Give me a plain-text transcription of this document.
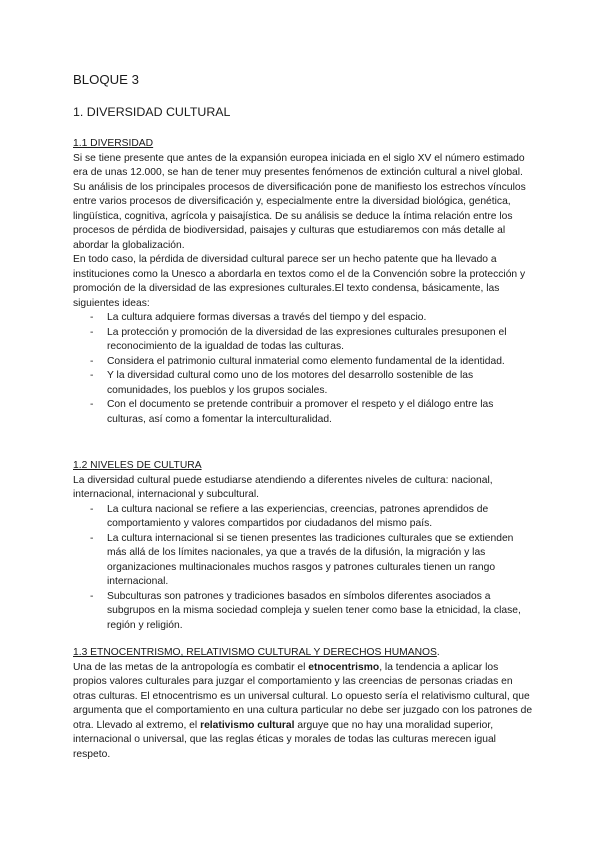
BLOQUE 3
1. DIVERSIDAD CULTURAL
1.1 DIVERSIDAD

Si se tiene presente que antes de la expansión europea iniciada en el siglo XV el número estimado era de unas 12.000, se han de tener muy presentes fenómenos de extinción cultural a nivel global. Su análisis de los principales procesos de diversificación pone de manifiesto los estrechos vínculos entre varios procesos de diversificación y, especialmente entre la diversidad biológica, genética, lingüística, cognitiva, agrícola y paisajística. De su análisis se deduce la íntima relación entre los procesos de pérdida de biodiversidad, paisajes y culturas que estudiaremos con más detalle al abordar la globalización.

En todo caso, la pérdida de diversidad cultural parece ser un hecho patente que ha llevado a instituciones como la Unesco a abordarla en textos como el de la Convención sobre la protección y promoción de la diversidad de las expresiones culturales.El texto condensa, básicamente, las siguientes ideas:

- La cultura adquiere formas diversas a través del tiempo y del espacio.
- La protección y promoción de la diversidad de las expresiones culturales presuponen el reconocimiento de la igualdad de todas las culturas.
- Considera el patrimonio cultural inmaterial como elemento fundamental de la identidad.
- Y la diversidad cultural como uno de los motores del desarrollo sostenible de las comunidades, los pueblos y los grupos sociales.
- Con el documento se pretende contribuir a promover el respeto y el diálogo entre las culturas, así como a fomentar la interculturalidad.
1.2 NIVELES DE CULTURA

La diversidad cultural puede estudiarse atendiendo a diferentes niveles de cultura: nacional, internacional, internacional y subcultural.

- La cultura nacional se refiere a las experiencias, creencias, patrones aprendidos de comportamiento y valores compartidos por ciudadanos del mismo país.
- La cultura internacional si se tienen presentes las tradiciones culturales que se extienden más allá de los límites nacionales, ya que a través de la difusión, la migración y las organizaciones multinacionales muchos rasgos y patrones culturales tienen un rango internacional.
- Subculturas son patrones y tradiciones basados en símbolos diferentes asociados a subgrupos en la misma sociedad compleja y suelen tener como base la etnicidad, la clase, región y religión.
1.3 ETNOCENTRISMO, RELATIVISMO CULTURAL Y DERECHOS HUMANOS.

Una de las metas de la antropología es combatir el etnocentrismo, la tendencia a aplicar los propios valores culturales para juzgar el comportamiento y las creencias de personas criadas en otras culturas. El etnocentrismo es un universal cultural. Lo opuesto sería el relativismo cultural, que argumenta que el comportamiento en una cultura particular no debe ser juzgado con los patrones de otra. Llevado al extremo, el relativismo cultural arguye que no hay una moralidad superior, internacional o universal, que las reglas éticas y morales de todas las culturas merecen igual respeto.
